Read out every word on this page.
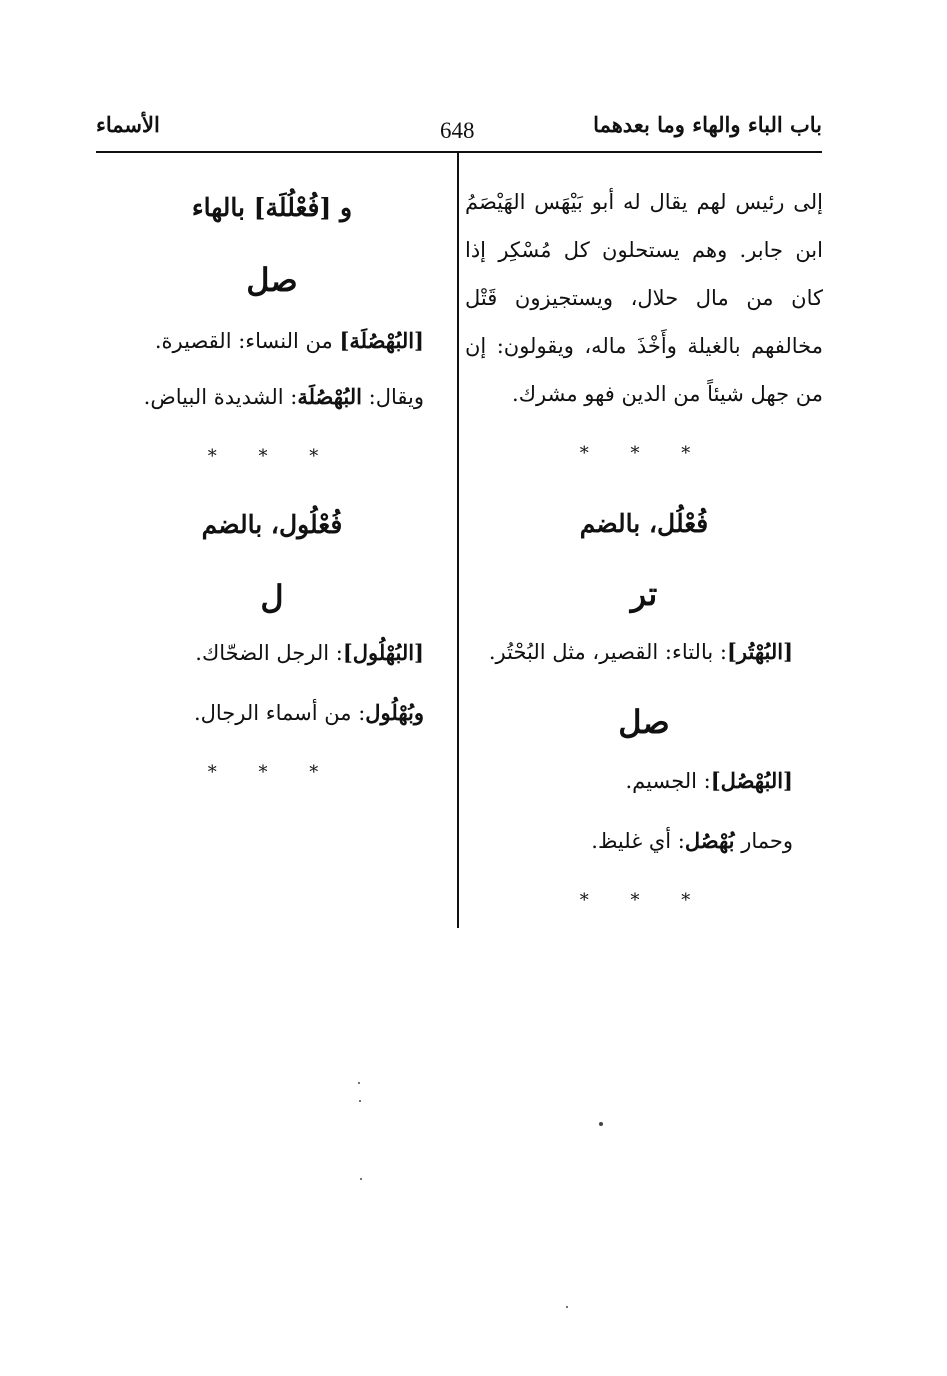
باب الباء والهاء وما بعدهما
648
الأسماء

إلى رئيس لهم يقال له أبو بَيْهَس الهَيْصَمُ

ابن جابر. وهم يستحلون كل مُسْكِر إذا

كان من مال حلال، ويستجيزون قَتْل

مخالفهم بالغيلة وأَخْذَ ماله، ويقولون: إن

من جهل شيئاً من الدين فهو مشرك.

* * *
فُعْلُل، بالضم
تر
[البُهْتُر]: بالتاء: القصير، مثل البُحْتُر.
صل
[البُهْصُل]: الجسيم.
وحمار بُهْصُل: أي غليظ.
* * *
و [فُعْلُلَة] بالهاء
صل
[البُهْصُلَة] من النساء: القصيرة.
ويقال: البُهْصُلَة: الشديدة البياض.
* * *
فُعْلُول، بالضم
ل
[البُهْلُول]: الرجل الضحّاك.
وبُهْلُول: من أسماء الرجال.
* * *
